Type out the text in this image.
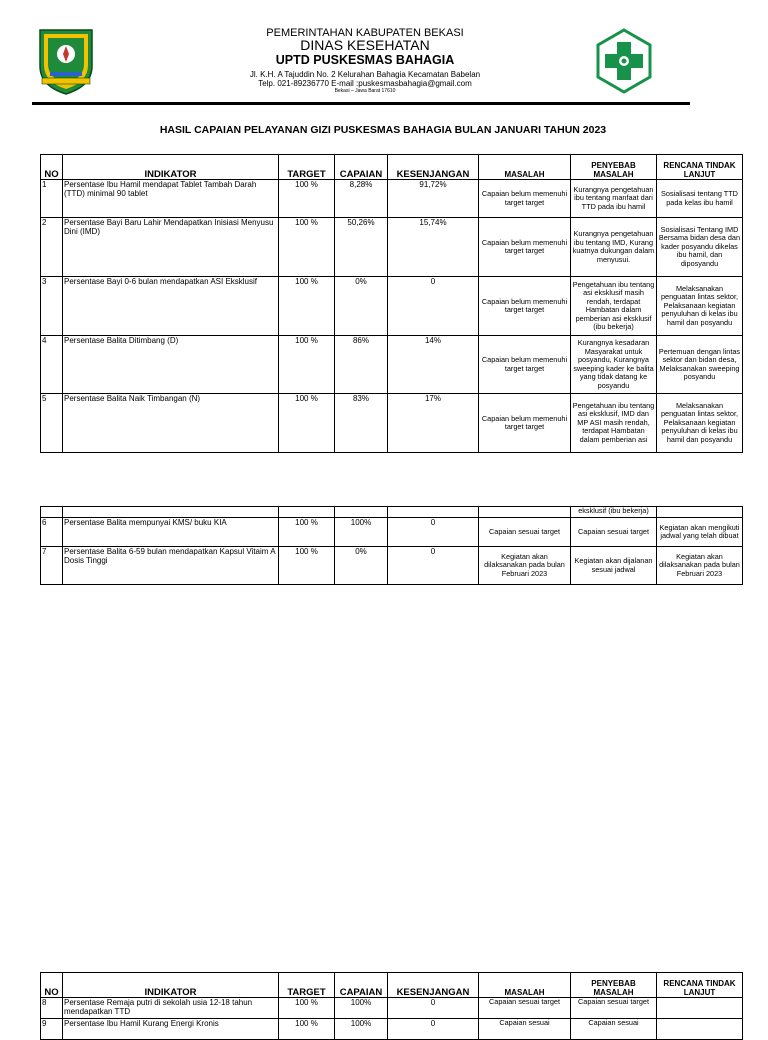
PEMERINTAHAN KABUPATEN BEKASI
DINAS KESEHATAN
UPTD PUSKESMAS BAHAGIA
Jl. K.H. A Tajuddin No. 2 Kelurahan Bahagia Kecamatan Babelan
Telp. 021-89236770 E-mail :puskesmasbahagia@gmail.com
Bekasi – Jawa Barat 17610
HASIL CAPAIAN PELAYANAN GIZI PUSKESMAS BAHAGIA BULAN JANUARI TAHUN 2023
NO	INDIKATOR	TARGET	CAPAIAN	KESENJANGAN	MASALAH	PENYEBAB MASALAH	RENCANA TINDAK LANJUT
1	Persentase Ibu Hamil mendapat Tablet Tambah Darah (TTD) minimal 90 tablet	100 %	8,28%	91,72%	Capaian belum memenuhi target target	Kurangnya pengetahuan ibu tentang manfaat dari TTD pada ibu hamil	Sosialisasi tentang TTD pada kelas ibu hamil
2	Persentase Bayi Baru Lahir Mendapatkan Inisiasi Menyusu Dini (IMD)	100 %	50,26%	15,74%	Capaian belum memenuhi target target	Kurangnya pengetahuan ibu tentang IMD, Kurang kuatnya dukungan dalam menyusui.	Sosialisasi Tentang IMD Bersama bidan desa dan kader posyandu dikelas ibu hamil, dan diposyandu
3	Persentase Bayi 0-6 bulan mendapatkan ASI Eksklusif	100 %	0%	0	Capaian belum memenuhi target target	Pengetahuan ibu tentang asi eksklusif masih rendah, terdapat Hambatan dalam pemberian asi eksklusif (ibu bekerja)	Melaksanakan penguatan lintas sektor, Pelaksanaan kegiatan penyuluhan di kelas ibu hamil dan posyandu
4	Persentase Balita Ditimbang (D)	100 %	86%	14%	Capaian belum memenuhi target target	Kurangnya kesadaran Masyarakat untuk posyandu, Kurangnya sweeping kader ke balita yang tidak datang ke posyandu	Pertemuan dengan lintas sektor dan bidan desa, Melaksanakan sweeping posyandu
5	Persentase Balita Naik Timbangan (N)	100 %	83%	17%	Capaian belum memenuhi target target	Pengetahuan ibu tentang asi eksklusif, IMD dan MP ASI masih rendah, terdapat Hambatan dalam pemberian asi	Melaksanakan penguatan lintas sektor, Pelaksanaan kegiatan penyuluhan di kelas ibu hamil dan posyandu
						eksklusif (ibu bekerja)	
6	Persentase Balita mempunyai KMS/ buku KIA	100 %	100%	0	Capaian sesuai target	Capaian sesuai target	Kegiatan akan mengikuti jadwal yang telah dibuat
7	Persentase Balita 6-59 bulan mendapatkan Kapsul Vitaim A Dosis Tinggi	100 %	0%	0	Kegiatan akan dilaksanakan pada bulan Februari 2023	Kegiatan akan dijalanan sesuai jadwal	Kegiatan akan dilaksanakan pada bulan Februari 2023
NO	INDIKATOR	TARGET	CAPAIAN	KESENJANGAN	MASALAH	PENYEBAB MASALAH	RENCANA TINDAK LANJUT
8	Persentase Remaja putri di sekolah usia 12-18 tahun mendapatkan TTD	100 %	100%	0	Capaian sesuai target	Capaian sesuai target	
9	Persentase Ibu Hamil Kurang Energi Kronis	100 %	100%	0	Capaian sesuai	Capaian sesuai	
